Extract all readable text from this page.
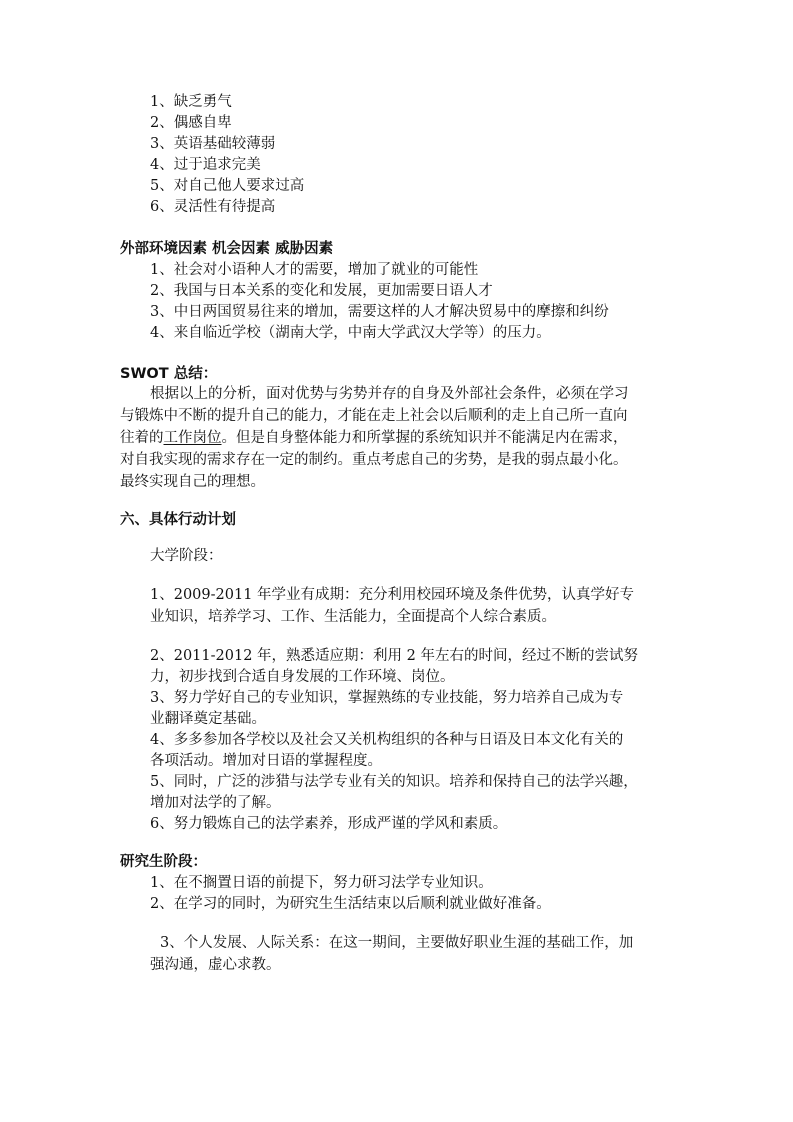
1、缺乏勇气
2、偶感自卑
3、英语基础较薄弱
4、过于追求完美
5、对自己他人要求过高
6、灵活性有待提高
外部环境因素 机会因素 威胁因素
1、社会对小语种人才的需要，增加了就业的可能性
2、我国与日本关系的变化和发展，更加需要日语人才
3、中日两国贸易往来的增加，需要这样的人才解决贸易中的摩擦和纠纷
4、来自临近学校（湖南大学，中南大学武汉大学等）的压力。
SWOT 总结：
根据以上的分析，面对优势与劣势并存的自身及外部社会条件，必须在学习
与锻炼中不断的提升自己的能力，才能在走上社会以后顺利的走上自己所一直向
往着的工作岗位。但是自身整体能力和所掌握的系统知识并不能满足内在需求，
对自我实现的需求存在一定的制约。重点考虑自己的劣势，是我的弱点最小化。
最终实现自己的理想。
六、具体行动计划
大学阶段：
1、2009-2011 年学业有成期：充分利用校园环境及条件优势，认真学好专
业知识，培养学习、工作、生活能力，全面提高个人综合素质。
2、2011-2012 年，熟悉适应期：利用 2 年左右的时间，经过不断的尝试努
力，初步找到合适自身发展的工作环境、岗位。
3、努力学好自己的专业知识，掌握熟练的专业技能，努力培养自己成为专
业翻译奠定基础。
4、多多参加各学校以及社会又关机构组织的各种与日语及日本文化有关的
各项活动。增加对日语的掌握程度。
5、同时，广泛的涉猎与法学专业有关的知识。培养和保持自己的法学兴趣，
增加对法学的了解。
6、努力锻炼自己的法学素养，形成严谨的学风和素质。
研究生阶段：
1、在不搁置日语的前提下，努力研习法学专业知识。
2、在学习的同时，为研究生生活结束以后顺利就业做好准备。
3、个人发展、人际关系：在这一期间，主要做好职业生涯的基础工作，加
强沟通，虚心求教。
